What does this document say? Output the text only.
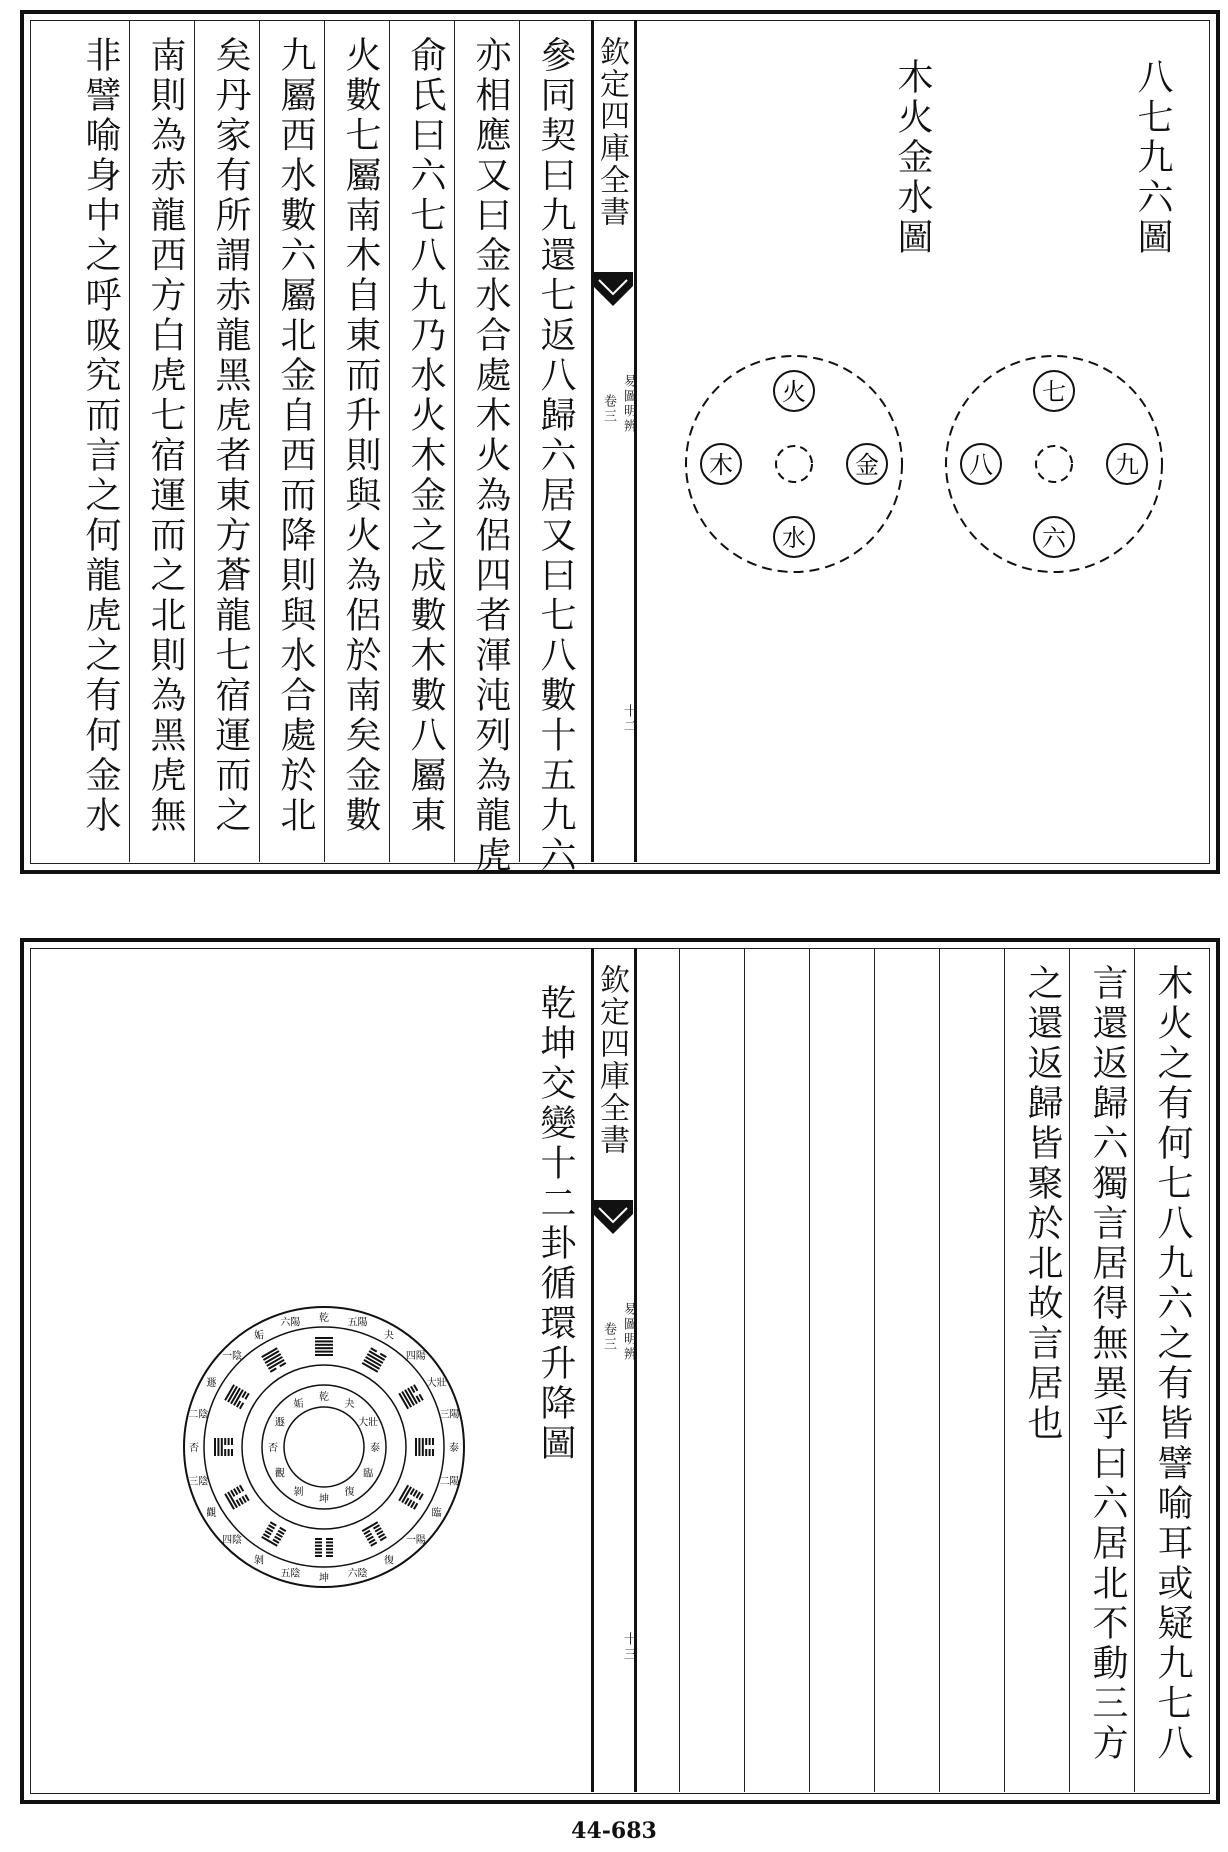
八七九六圖
木火金水圖
七
八	九
六
火
木	金
水
欽定四庫全書
易圖明辨
卷三
十二
參同契曰九還七返八歸六居又曰七八數十五九六
亦相應又曰金水合處木火為侶四者渾沌列為龍虎
俞氏曰六七八九乃水火木金之成數木數八屬東
火數七屬南木自東而升則與火為侶於南矣金數
九屬西水數六屬北金自西而降則與水合處於北
矣丹家有所謂赤龍黑虎者東方蒼龍七宿運而之
南則為赤龍西方白虎七宿運而之北則為黑虎無
非譬喻身中之呼吸究而言之何龍虎之有何金水
木火之有何七八九六之有皆譬喻耳或疑九七八
言還返歸六獨言居得無異乎曰六居北不動三方
之還返歸皆聚於北故言居也
欽定四庫全書
易圖明辨
卷三
十三
乾坤交變十二卦循環升降圖
乾 五陽
夬
四陽
大壯
三陽
泰
二陽
臨
一陽
復
六陰
坤
五陰
剝
四陰
觀
三陰
否
二陰
遯
一陰
姤
六陽
乾
夬
大壯
泰
臨
復
坤
剝
觀
否
遯
姤
44-683
